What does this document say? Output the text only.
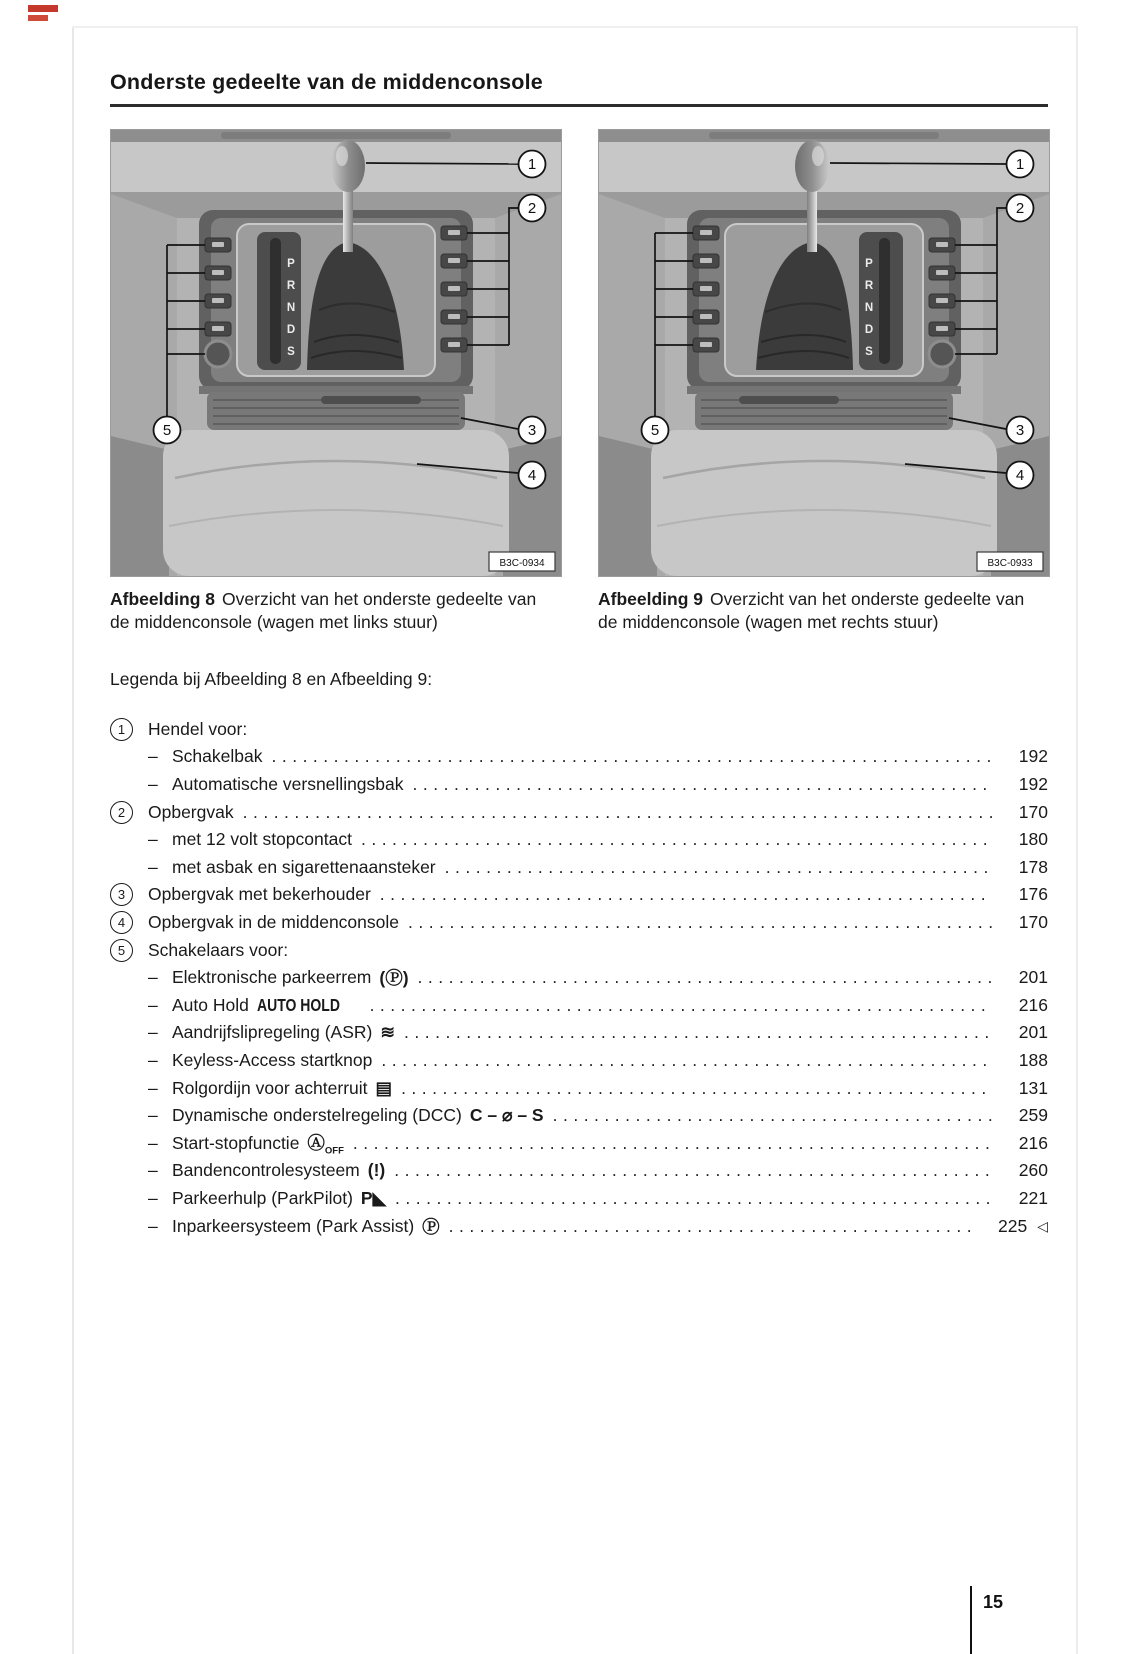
Onderste gedeelte van de middenconsole
P
R
N
D
S
1
2
3
4
5
B3C-0934

Afbeelding 8 Overzicht van het onderste gedeelte van de middenconsole (wagen met links stuur)

P
R
N
D
S
1
2
3
4
5
B3C-0933

Afbeelding 9 Overzicht van het onderste gedeelte van de middenconsole (wagen met rechts stuur)

Legenda bij Afbeelding 8 en Afbeelding 9:

1 Hendel voor:
– Schakelbak .....	192
– Automatische versnellingsbak .....	192
2 Opbergvak .....	170
– met 12 volt stopcontact .....	180
– met asbak en sigarettenaansteker .....	178
3 Opbergvak met bekerhouder .....	176
4 Opbergvak in de middenconsole .....	170
5 Schakelaars voor:
– Elektronische parkeerrem (Ⓟ) .....	201
– Auto Hold AUTO HOLD .....	216
– Aandrijfslipregeling (ASR) ≋ .....	201
– Keyless-Access startknop .....	188
– Rolgordijn voor achterruit ▤ .....	131
– Dynamische onderstelregeling (DCC) C – ⌀ – S .....	259
– Start-stopfunctie $Ⓐ_{OFF}$ .....	216
– Bandencontrolesysteem (!) .....	260
– Parkeerhulp (ParkPilot) P◣ .....	221
– Inparkeersysteem (Park Assist) Ⓟ .....	225 ◁
15
